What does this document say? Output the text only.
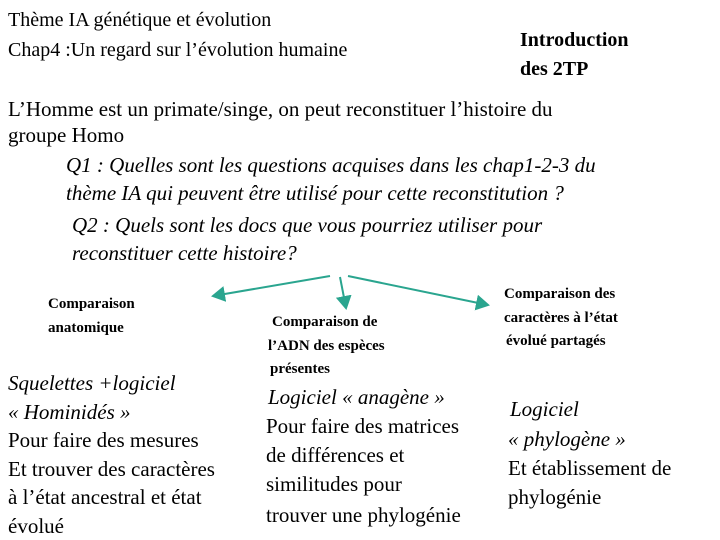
Thème IA génétique et évolution
Chap4 :Un regard sur l’évolution humaine	Introduction
des 2TP
L’Homme est un primate/singe, on peut reconstituer l’histoire du
groupe Homo
Q1 : Quelles sont les questions acquises dans les chap1-2-3 du
thème IA qui peuvent être utilisé pour cette reconstitution ?
Q2 : Quels sont les docs que vous pourriez utiliser pour
reconstituer cette histoire?
Comparaison
anatomique
Squelettes +logiciel
« Hominidés »
Pour faire des mesures
Et trouver des caractères
à l’état ancestral et état
évolué
Comparaison de
l’ADN des espèces
présentes
Logiciel « anagène »
Pour faire des matrices
de différences et
similitudes pour
trouver une phylogénie
Comparaison des
caractères à l’état
évolué partagés
Logiciel
« phylogène »
Et établissement de
phylogénie
